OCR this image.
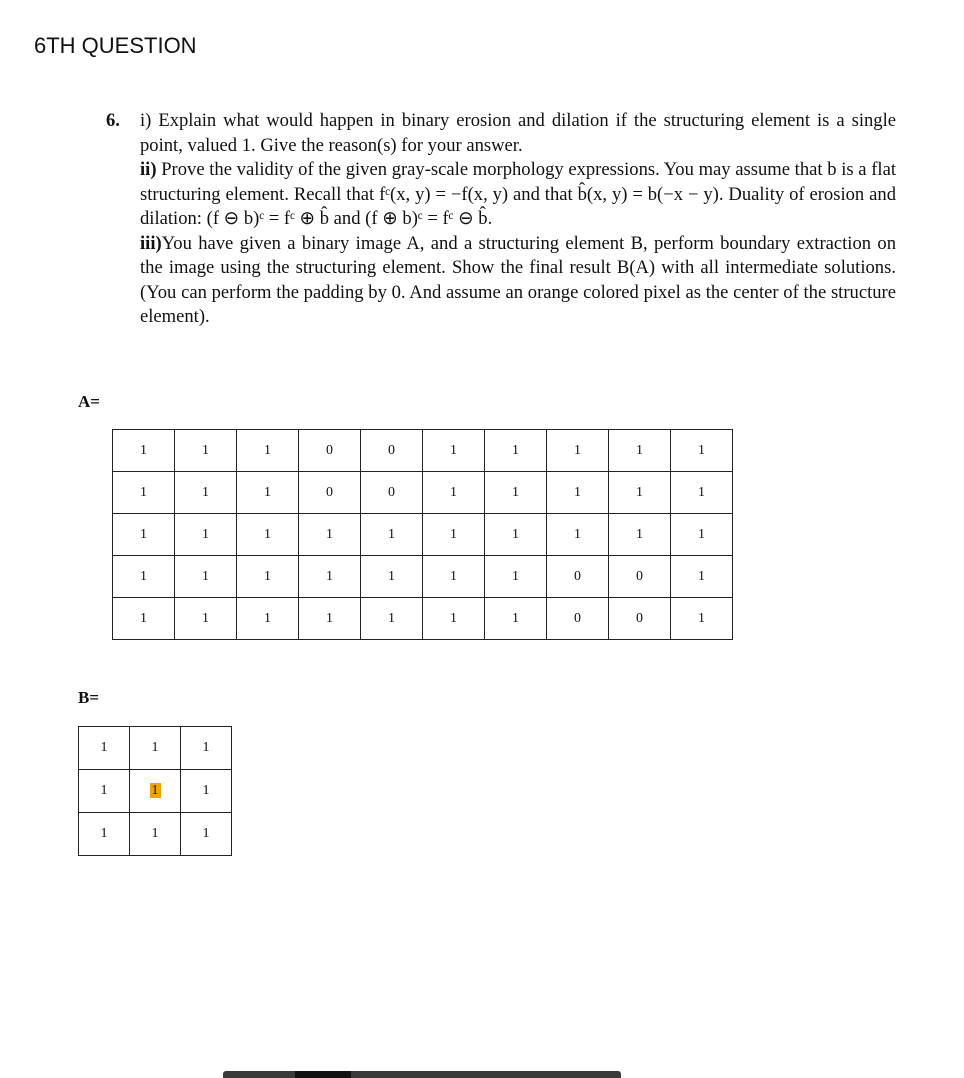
6TH QUESTION
6. i) Explain what would happen in binary erosion and dilation if the structuring element is a single point, valued 1. Give the reason(s) for your answer.
ii) Prove the validity of the given gray-scale morphology expressions. You may assume that b is a flat structuring element. Recall that fᶜ(x, y) = −f(x, y) and that b̂(x, y) = b(−x − y). Duality of erosion and dilation: (f ⊖ b)ᶜ = fᶜ ⊕ b̂ and (f ⊕ b)ᶜ = fᶜ ⊖ b̂.
iii)You have given a binary image A, and a structuring element B, perform boundary extraction on the image using the structuring element. Show the final result B(A) with all intermediate solutions. (You can perform the padding by 0. And assume an orange colored pixel as the center of the structure element).
A=
1	1	1	0	0	1	1	1	1	1
1	1	1	0	0	1	1	1	1	1
1	1	1	1	1	1	1	1	1	1
1	1	1	1	1	1	1	0	0	1
1	1	1	1	1	1	1	0	0	1
B=
1	1	1
1	1	1
1	1	1
